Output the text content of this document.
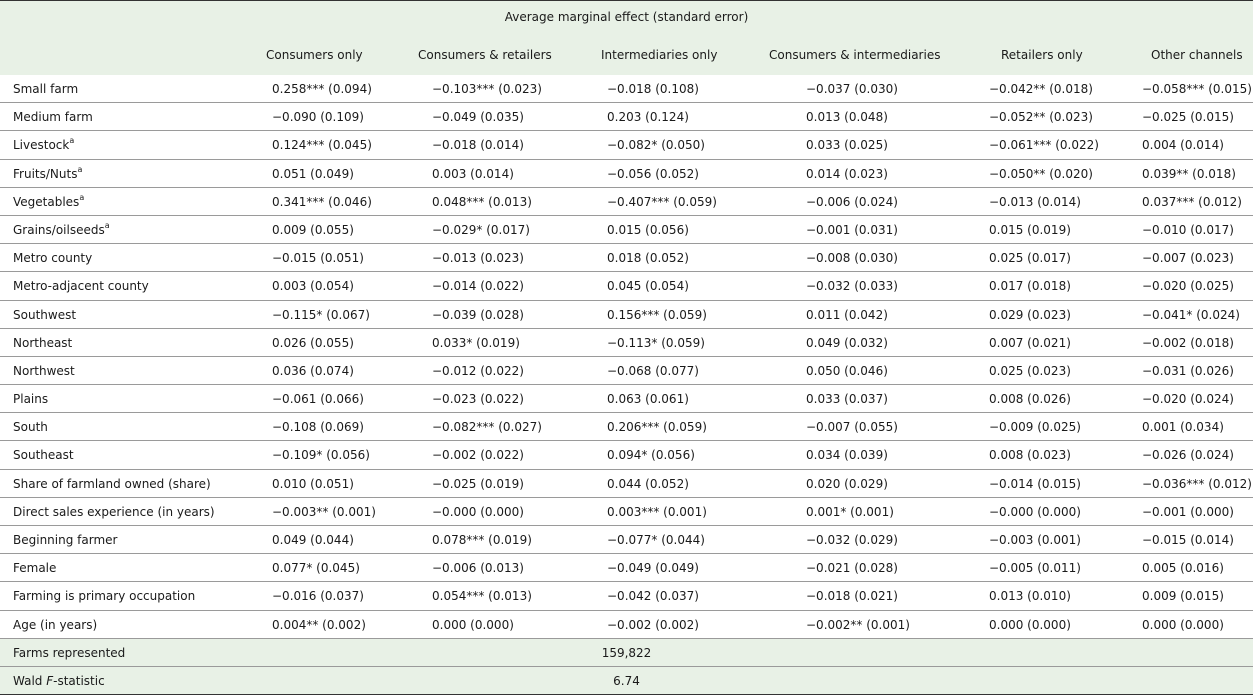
Average marginal effect (standard error)
Consumers only	Consumers & retailers	Intermediaries only	Consumers & intermediaries	Retailers only	Other channels
Small farm	0.258*** (0.094)	−0.103*** (0.023)	−0.018 (0.108)	−0.037 (0.030)	−0.042** (0.018)	−0.058*** (0.015)
Medium farm	−0.090 (0.109)	−0.049 (0.035)	0.203 (0.124)	0.013 (0.048)	−0.052** (0.023)	−0.025 (0.015)
Livestock$^a$	0.124*** (0.045)	−0.018 (0.014)	−0.082* (0.050)	0.033 (0.025)	−0.061*** (0.022)	0.004 (0.014)
Fruits/Nuts$^a$	0.051 (0.049)	0.003 (0.014)	−0.056 (0.052)	0.014 (0.023)	−0.050** (0.020)	0.039** (0.018)
Vegetables$^a$	0.341*** (0.046)	0.048*** (0.013)	−0.407*** (0.059)	−0.006 (0.024)	−0.013 (0.014)	0.037*** (0.012)
Grains/oilseeds$^a$	0.009 (0.055)	−0.029* (0.017)	0.015 (0.056)	−0.001 (0.031)	0.015 (0.019)	−0.010 (0.017)
Metro county	−0.015 (0.051)	−0.013 (0.023)	0.018 (0.052)	−0.008 (0.030)	0.025 (0.017)	−0.007 (0.023)
Metro-adjacent county	0.003 (0.054)	−0.014 (0.022)	0.045 (0.054)	−0.032 (0.033)	0.017 (0.018)	−0.020 (0.025)
Southwest	−0.115* (0.067)	−0.039 (0.028)	0.156*** (0.059)	0.011 (0.042)	0.029 (0.023)	−0.041* (0.024)
Northeast	0.026 (0.055)	0.033* (0.019)	−0.113* (0.059)	0.049 (0.032)	0.007 (0.021)	−0.002 (0.018)
Northwest	0.036 (0.074)	−0.012 (0.022)	−0.068 (0.077)	0.050 (0.046)	0.025 (0.023)	−0.031 (0.026)
Plains	−0.061 (0.066)	−0.023 (0.022)	0.063 (0.061)	0.033 (0.037)	0.008 (0.026)	−0.020 (0.024)
South	−0.108 (0.069)	−0.082*** (0.027)	0.206*** (0.059)	−0.007 (0.055)	−0.009 (0.025)	0.001 (0.034)
Southeast	−0.109* (0.056)	−0.002 (0.022)	0.094* (0.056)	0.034 (0.039)	0.008 (0.023)	−0.026 (0.024)
Share of farmland owned (share)	0.010 (0.051)	−0.025 (0.019)	0.044 (0.052)	0.020 (0.029)	−0.014 (0.015)	−0.036*** (0.012)
Direct sales experience (in years)	−0.003** (0.001)	−0.000 (0.000)	0.003*** (0.001)	0.001* (0.001)	−0.000 (0.000)	−0.001 (0.000)
Beginning farmer	0.049 (0.044)	0.078*** (0.019)	−0.077* (0.044)	−0.032 (0.029)	−0.003 (0.001)	−0.015 (0.014)
Female	0.077* (0.045)	−0.006 (0.013)	−0.049 (0.049)	−0.021 (0.028)	−0.005 (0.011)	0.005 (0.016)
Farming is primary occupation	−0.016 (0.037)	0.054*** (0.013)	−0.042 (0.037)	−0.018 (0.021)	0.013 (0.010)	0.009 (0.015)
Age (in years)	0.004** (0.002)	0.000 (0.000)	−0.002 (0.002)	−0.002** (0.001)	0.000 (0.000)	0.000 (0.000)
Farms represented	159,822
Wald F-statistic	6.74
